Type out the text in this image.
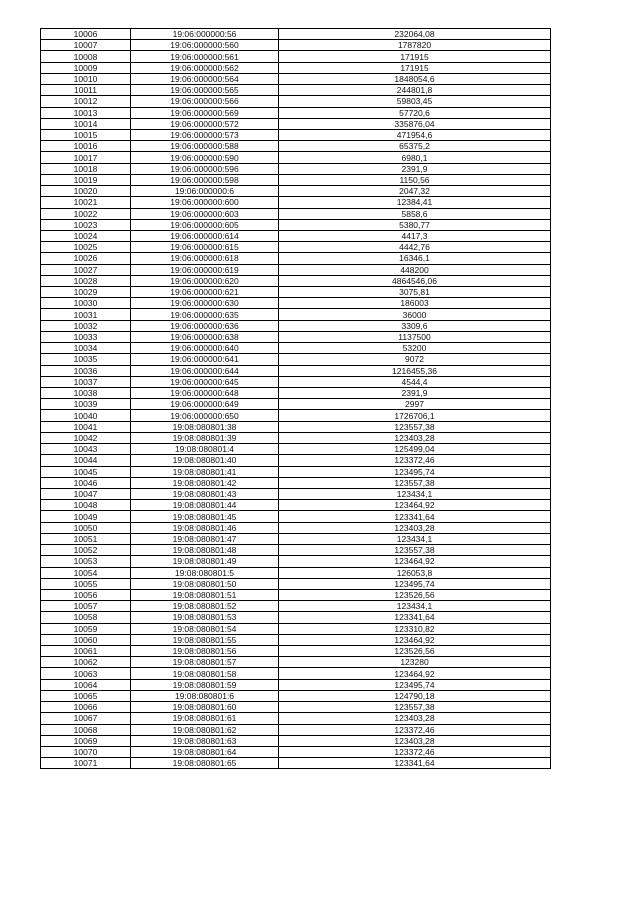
10006	19:06:000000:56	232064,08
10007	19:06:000000:560	1787820
10008	19:06:000000:561	171915
10009	19:06:000000:562	171915
10010	19:06:000000:564	1848054,6
10011	19:06:000000:565	244801,8
10012	19:06:000000:566	59803,45
10013	19:06:000000:569	57720,6
10014	19:06:000000:572	335876,04
10015	19:06:000000:573	471954,6
10016	19:06:000000:588	65375,2
10017	19:06:000000:590	6980,1
10018	19:06:000000:596	2391,9
10019	19:06:000000:598	1150,56
10020	19:06:000000:6	2047,32
10021	19:06:000000:600	12384,41
10022	19:06:000000:603	5858,6
10023	19:06:000000:605	5380,77
10024	19:06:000000:614	4417,3
10025	19:06:000000:615	4442,76
10026	19:06:000000:618	16346,1
10027	19:06:000000:619	448200
10028	19:06:000000:620	4864546,06
10029	19:06:000000:621	3075,81
10030	19:06:000000:630	186003
10031	19:06:000000:635	36000
10032	19:06:000000:636	3309,6
10033	19:06:000000:638	1137500
10034	19:06:000000:640	53200
10035	19:06:000000:641	9072
10036	19:06:000000:644	1216455,36
10037	19:06:000000:645	4544,4
10038	19:06:000000:648	2391,9
10039	19:06:000000:649	2997
10040	19:06:000000:650	1726706,1
10041	19:08:080801:38	123557,38
10042	19:08:080801:39	123403,28
10043	19:08:080801:4	125499,04
10044	19:08:080801:40	123372,46
10045	19:08:080801:41	123495,74
10046	19:08:080801:42	123557,38
10047	19:08:080801:43	123434,1
10048	19:08:080801:44	123464,92
10049	19:08:080801:45	123341,64
10050	19:08:080801:46	123403,28
10051	19:08:080801:47	123434,1
10052	19:08:080801:48	123557,38
10053	19:08:080801:49	123464,92
10054	19:08:080801:5	126053,8
10055	19:08:080801:50	123495,74
10056	19:08:080801:51	123526,56
10057	19:08:080801:52	123434,1
10058	19:08:080801:53	123341,64
10059	19:08:080801:54	123310,82
10060	19:08:080801:55	123464,92
10061	19:08:080801:56	123526,56
10062	19:08:080801:57	123280
10063	19:08:080801:58	123464,92
10064	19:08:080801:59	123495,74
10065	19:08:080801:6	124790,18
10066	19:08:080801:60	123557,38
10067	19:08:080801:61	123403,28
10068	19:08:080801:62	123372,46
10069	19:08:080801:63	123403,28
10070	19:08:080801:64	123372,46
10071	19:08:080801:65	123341,64
